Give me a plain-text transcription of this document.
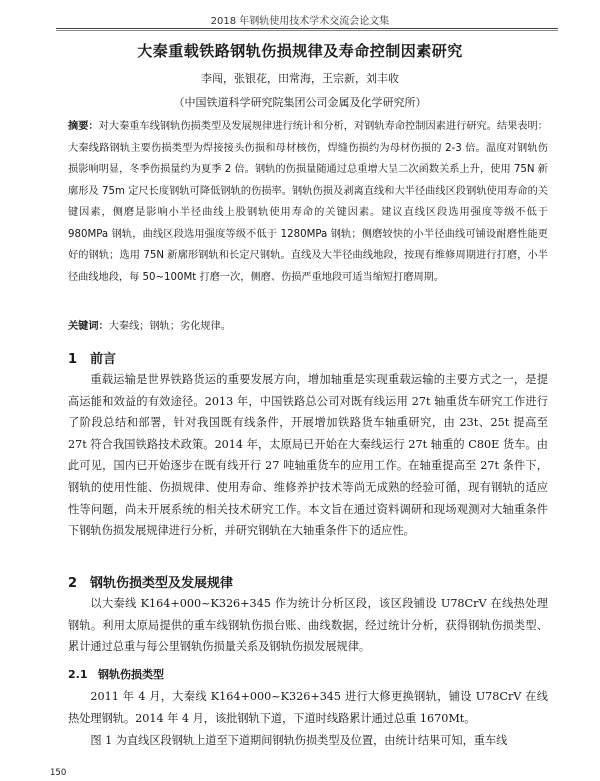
2018 年钢轨使用技术学术交流会论文集
大秦重载铁路钢轨伤损规律及寿命控制因素研究
李闯，张银花，田常海，王宗新，刘丰收
（中国铁道科学研究院集团公司金属及化学研究所）
摘要：对大秦重车线钢轨伤损类型及发展规律进行统计和分析，对钢轨寿命控制因素进行研究。结果表明：大秦线路钢轨主要伤损类型为焊接接头伤损和母材核伤，焊缝伤损约为母材伤损的 2-3 倍。温度对钢轨伤损影响明显，冬季伤损量约为夏季 2 倍。钢轨的伤损量随通过总重增大呈二次函数关系上升，使用 75N 新廓形及 75m 定尺长度钢轨可降低钢轨的伤损率。钢轨伤损及剥离直线和大半径曲线区段钢轨使用寿命的关键因素，侧磨是影响小半径曲线上股钢轨使用寿命的关键因素。建议直线区段选用强度等级不低于 980MPa 钢轨，曲线区段选用强度等级不低于 1280MPa 钢轨；侧磨较快的小半径曲线可铺设耐磨性能更好的钢轨；选用 75N 新廓形钢轨和长定尺钢轨。直线及大半径曲线地段，按现有维修周期进行打磨，小半径曲线地段，每 50~100Mt 打磨一次，侧磨、伤损严重地段可适当缩短打磨周期。
关键词：大秦线；钢轨；劣化规律。
1 前言
重载运输是世界铁路货运的重要发展方向，增加轴重是实现重载运输的主要方式之一，是提高运能和效益的有效途径。2013 年，中国铁路总公司对既有线运用 27t 轴重货车研究工作进行了阶段总结和部署，针对我国既有线条件，开展增加铁路货车轴重研究，由 23t、25t 提高至 27t 符合我国铁路技术政策。2014 年，太原局已开始在大秦线运行 27t 轴重的 C80E 货车。由此可见，国内已开始逐步在既有线开行 27 吨轴重货车的应用工作。在轴重提高至 27t 条件下，钢轨的使用性能、伤损规律、使用寿命、维修养护技术等尚无成熟的经验可循，现有钢轨的适应性等问题，尚未开展系统的相关技术研究工作。本文旨在通过资料调研和现场观测对大轴重条件下钢轨伤损发展规律进行分析，并研究钢轨在大轴重条件下的适应性。
2 钢轨伤损类型及发展规律
以大秦线 K164+000~K326+345 作为统计分析区段，该区段铺设 U78CrV 在线热处理钢轨。利用太原局提供的重车线钢轨伤损台账、曲线数据，经过统计分析，获得钢轨伤损类型、累计通过总重与每公里钢轨伤损量关系及钢轨伤损发展规律。
2.1 钢轨伤损类型
2011 年 4 月，大秦线 K164+000~K326+345 进行大修更换钢轨，铺设 U78CrV 在线热处理钢轨。2014 年 4 月，该批钢轨下道，下道时线路累计通过总重 1670Mt。
图 1 为直线区段钢轨上道至下道期间钢轨伤损类型及位置，由统计结果可知，重车线
150
